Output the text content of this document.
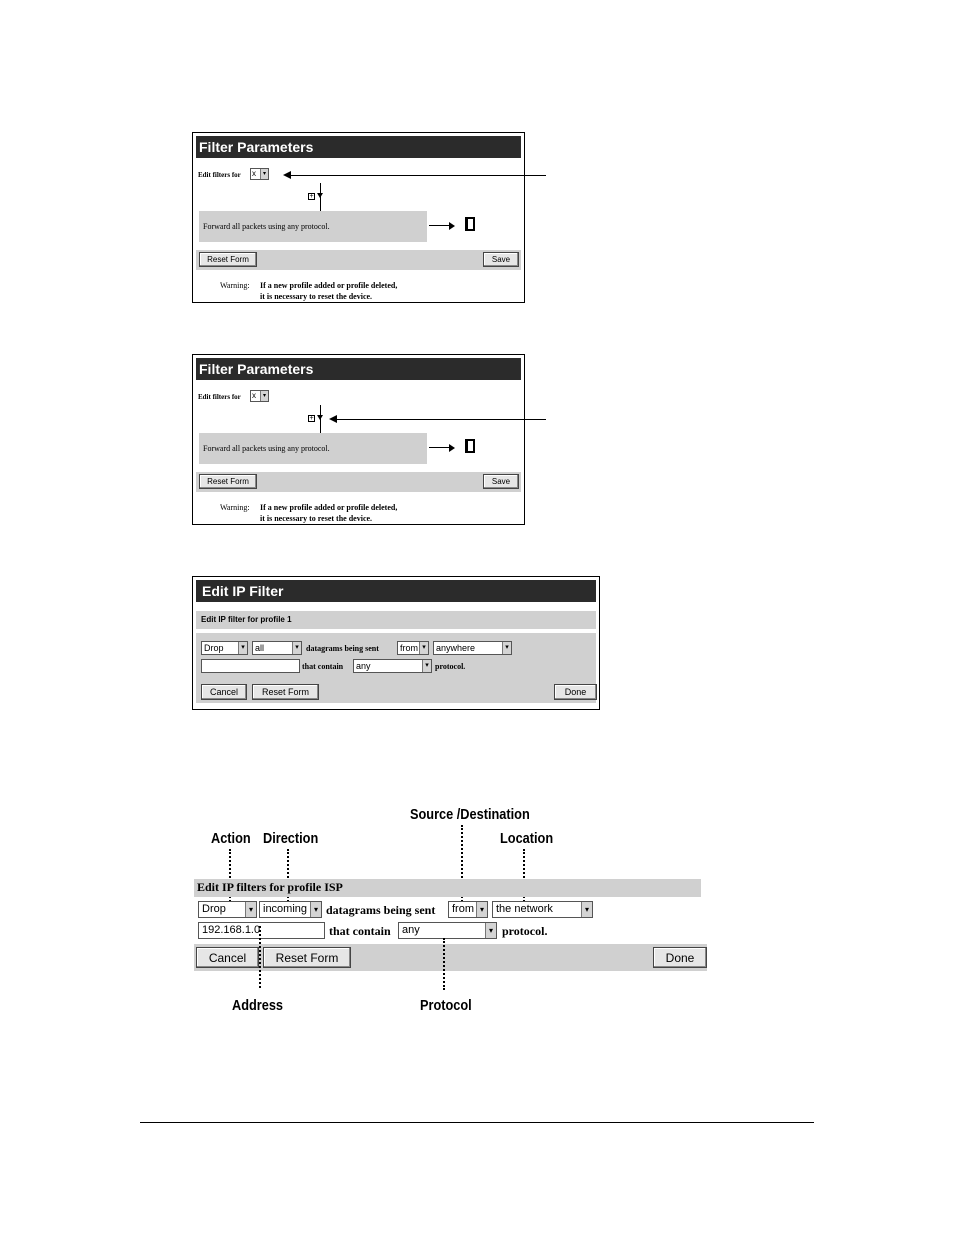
Filter Parameters
Edit filters for x	▾
+
Forward all packets using any protocol.
Reset Form	Save
Warning: If a new profile added or profile deleted,
it is necessary to reset the device.
Filter Parameters
Edit filters for x	▾
+
Forward all packets using any protocol.
Reset Form	Save
Warning: If a new profile added or profile deleted,
it is necessary to reset the device.
Edit IP Filter
Edit IP filter for profile 1
Drop	▾	all	▾ datagrams being sent	from ▾	anywhere	▾
that contain	any	▾ protocol.
Cancel	Reset Form	Done
Source /Destination
Action Direction	Location
Edit IP filters for profile ISP
Drop	▾ incoming ▾ datagrams being sent	from ▾	the network	▾
192.168.1.0	that contain	any	▾ protocol.
Cancel	Reset Form	Done
Address	Protocol
